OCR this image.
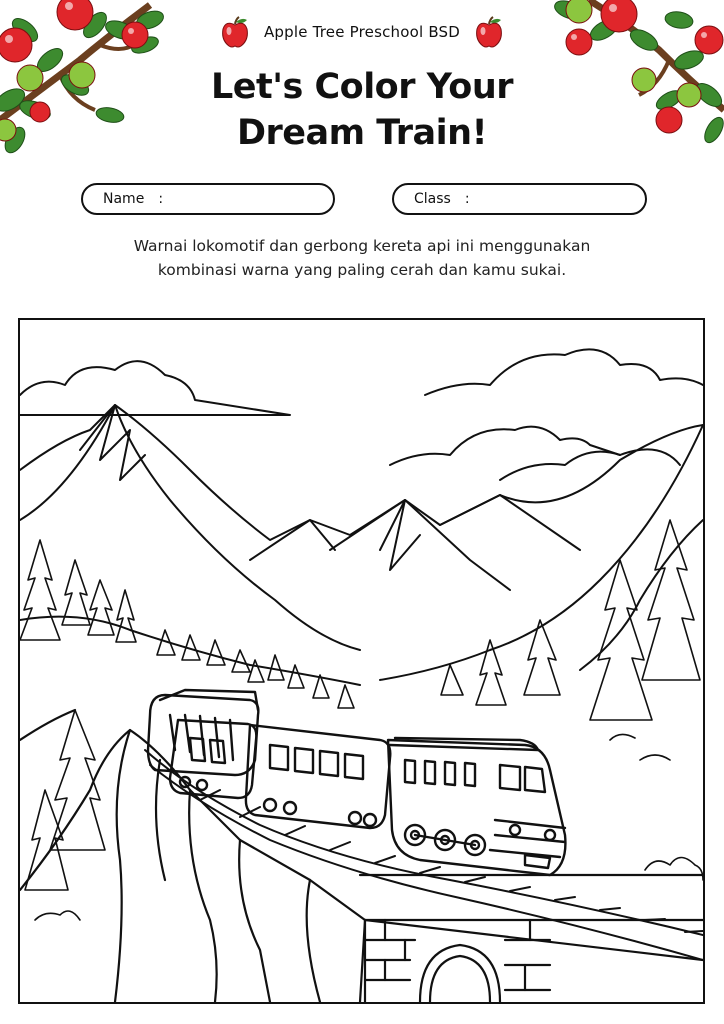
Apple Tree Preschool BSD
Let's Color Your
Dream Train!
Name :	Class :

Warnai lokomotif dan gerbong kereta api ini menggunakan
kombinasi warna yang paling cerah dan kamu sukai.
